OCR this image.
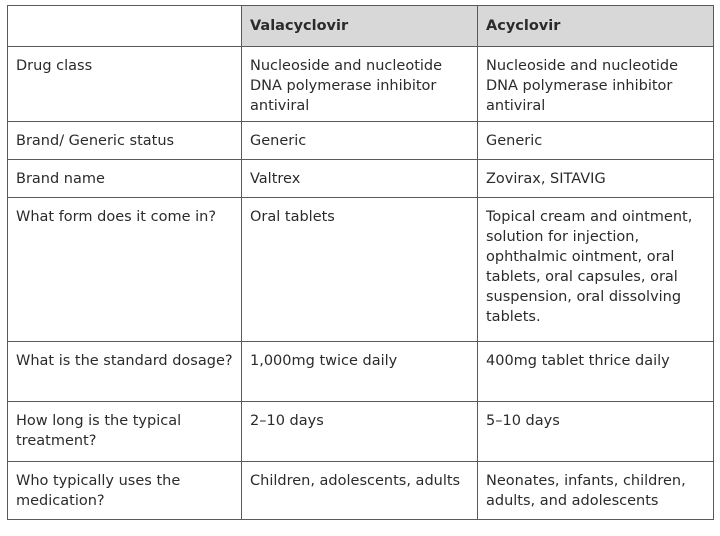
	Valacyclovir	Acyclovir
Drug class	Nucleoside and nucleotide DNA polymerase inhibitor antiviral	Nucleoside and nucleotide DNA polymerase inhibitor antiviral
Brand/ Generic status	Generic	Generic
Brand name	Valtrex	Zovirax, SITAVIG
What form does it come in?	Oral tablets	Topical cream and ointment, solution for injection, ophthalmic ointment, oral tablets, oral capsules, oral suspension, oral dissolving tablets.
What is the standard dosage?	1,000mg twice daily	400mg tablet thrice daily
How long is the typical treatment?	2–10 days	5–10 days
Who typically uses the medication?	Children, adolescents, adults	Neonates, infants, children, adults, and adolescents
